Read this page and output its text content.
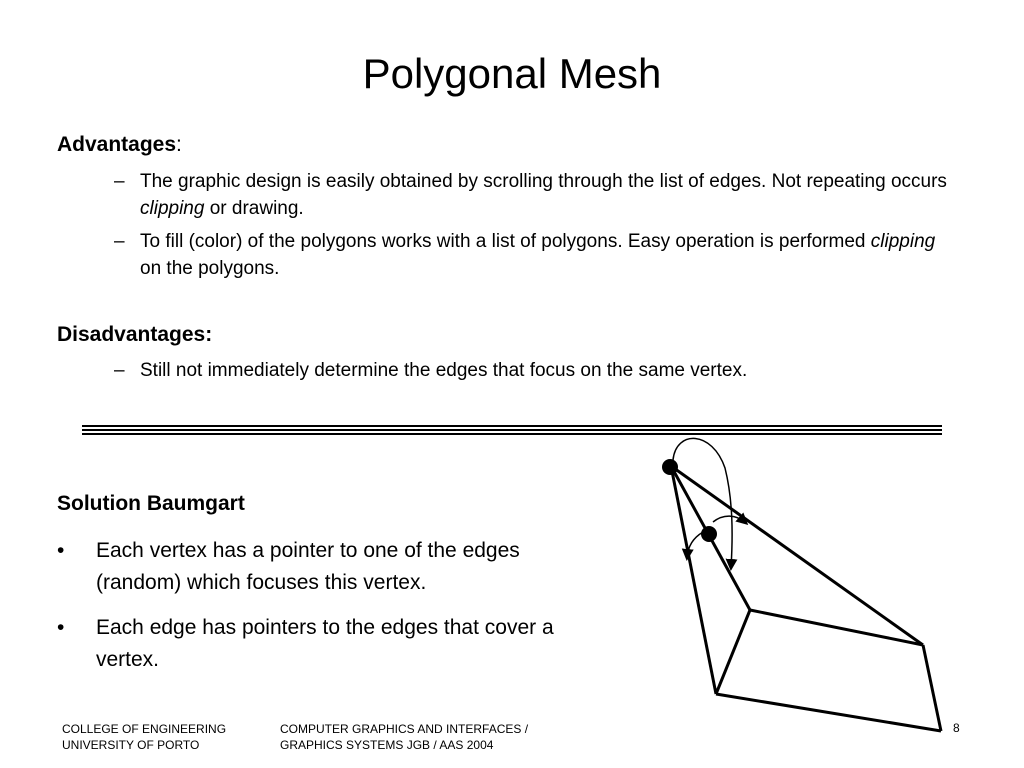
Polygonal Mesh
Advantages:
– The graphic design is easily obtained by scrolling through the list of edges. Not repeating occurs clipping or drawing.
– To fill (color) of the polygons works with a list of polygons. Easy operation is performed clipping on the polygons.
Disadvantages:
– Still not immediately determine the edges that focus on the same vertex.
Solution Baumgart
• Each vertex has a pointer to one of the edges (random) which focuses this vertex.
• Each edge has pointers to the edges that cover a vertex.
COLLEGE OF ENGINEERING
UNIVERSITY OF PORTO
COMPUTER GRAPHICS AND INTERFACES /
GRAPHICS SYSTEMS JGB / AAS 2004
8
